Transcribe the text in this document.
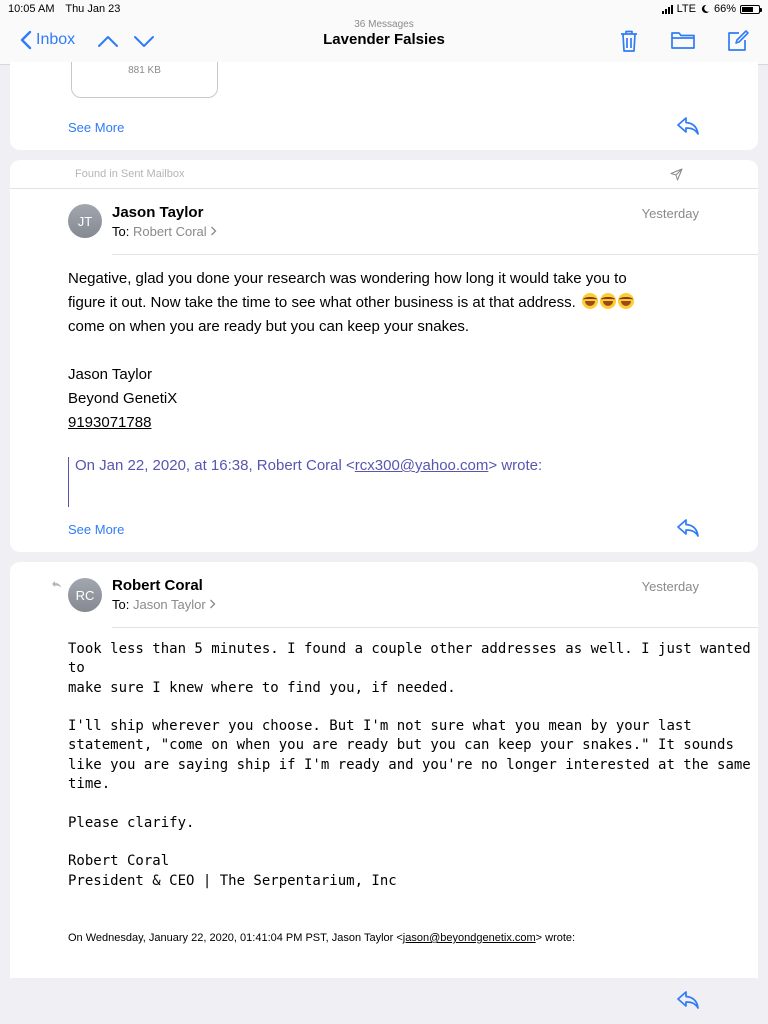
10:05 AM Thu Jan 23	LTE 66%
36 Messages
Lavender Falsies
Inbox
881 KB
See More
Found in Sent Mailbox
JT	Jason Taylor
To: Robert Coral
Yesterday

Negative, glad you done your research was wondering how long it would take you to

figure it out. Now take the time to see what other business is at that address.

come on when you are ready but you can keep your snakes.

Jason Taylor

Beyond GenetiX

9193071788

On Jan 22, 2020, at 16:38, Robert Coral <rcx300@yahoo.com> wrote:
See More
RC
Robert Coral
To: Jason Taylor
Yesterday

Took less than 5 minutes. I found a couple other addresses as well. I just wanted to

make sure I knew where to find you, if needed.

I'll ship wherever you choose. But I'm not sure what you mean by your last

statement, "come on when you are ready but you can keep your snakes." It sounds

like you are saying ship if I'm ready and you're no longer interested at the same

time.

Please clarify.

Robert Coral

President & CEO | The Serpentarium, Inc

On Wednesday, January 22, 2020, 01:41:04 PM PST, Jason Taylor <jason@beyondgenetix.com> wrote:
